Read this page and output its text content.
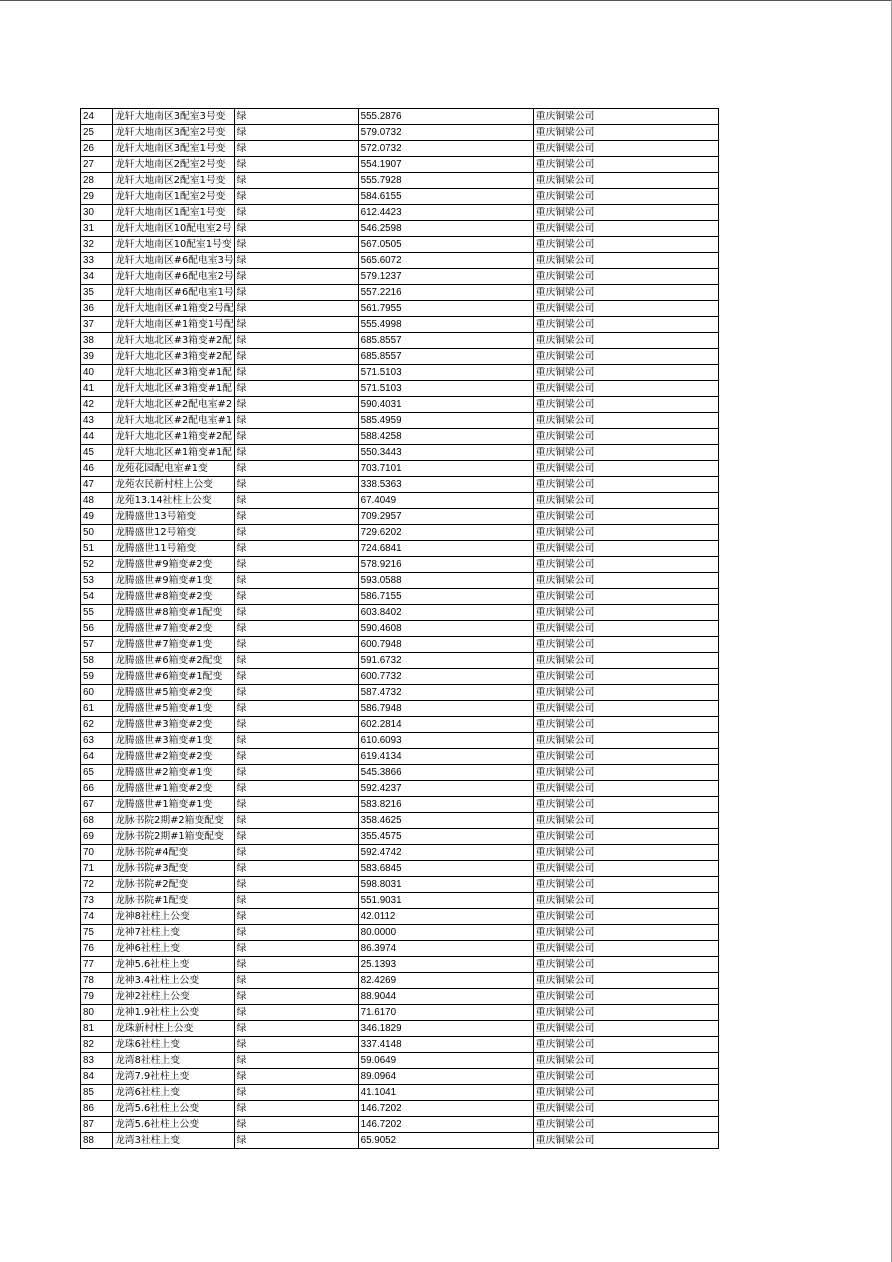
24	龙轩大地南区3配室3号变	绿	555.2876	重庆铜梁公司
25	龙轩大地南区3配室2号变	绿	579.0732	重庆铜梁公司
26	龙轩大地南区3配室1号变	绿	572.0732	重庆铜梁公司
27	龙轩大地南区2配室2号变	绿	554.1907	重庆铜梁公司
28	龙轩大地南区2配室1号变	绿	555.7928	重庆铜梁公司
29	龙轩大地南区1配室2号变	绿	584.6155	重庆铜梁公司
30	龙轩大地南区1配室1号变	绿	612.4423	重庆铜梁公司
31	龙轩大地南区10配电室2号	绿	546.2598	重庆铜梁公司
32	龙轩大地南区10配室1号变	绿	567.0505	重庆铜梁公司
33	龙轩大地南区#6配电室3号	绿	565.6072	重庆铜梁公司
34	龙轩大地南区#6配电室2号	绿	579.1237	重庆铜梁公司
35	龙轩大地南区#6配电室1号	绿	557.2216	重庆铜梁公司
36	龙轩大地南区#1箱变2号配	绿	561.7955	重庆铜梁公司
37	龙轩大地南区#1箱变1号配	绿	555.4998	重庆铜梁公司
38	龙轩大地北区#3箱变#2配	绿	685.8557	重庆铜梁公司
39	龙轩大地北区#3箱变#2配	绿	685.8557	重庆铜梁公司
40	龙轩大地北区#3箱变#1配	绿	571.5103	重庆铜梁公司
41	龙轩大地北区#3箱变#1配	绿	571.5103	重庆铜梁公司
42	龙轩大地北区#2配电室#2	绿	590.4031	重庆铜梁公司
43	龙轩大地北区#2配电室#1	绿	585.4959	重庆铜梁公司
44	龙轩大地北区#1箱变#2配	绿	588.4258	重庆铜梁公司
45	龙轩大地北区#1箱变#1配	绿	550.3443	重庆铜梁公司
46	龙苑花园配电室#1变	绿	703.7101	重庆铜梁公司
47	龙苑农民新村柱上公变	绿	338.5363	重庆铜梁公司
48	龙苑13.14社柱上公变	绿	67.4049	重庆铜梁公司
49	龙腾盛世13号箱变	绿	709.2957	重庆铜梁公司
50	龙腾盛世12号箱变	绿	729.6202	重庆铜梁公司
51	龙腾盛世11号箱变	绿	724.6841	重庆铜梁公司
52	龙腾盛世#9箱变#2变	绿	578.9216	重庆铜梁公司
53	龙腾盛世#9箱变#1变	绿	593.0588	重庆铜梁公司
54	龙腾盛世#8箱变#2变	绿	586.7155	重庆铜梁公司
55	龙腾盛世#8箱变#1配变	绿	603.8402	重庆铜梁公司
56	龙腾盛世#7箱变#2变	绿	590.4608	重庆铜梁公司
57	龙腾盛世#7箱变#1变	绿	600.7948	重庆铜梁公司
58	龙腾盛世#6箱变#2配变	绿	591.6732	重庆铜梁公司
59	龙腾盛世#6箱变#1配变	绿	600.7732	重庆铜梁公司
60	龙腾盛世#5箱变#2变	绿	587.4732	重庆铜梁公司
61	龙腾盛世#5箱变#1变	绿	586.7948	重庆铜梁公司
62	龙腾盛世#3箱变#2变	绿	602.2814	重庆铜梁公司
63	龙腾盛世#3箱变#1变	绿	610.6093	重庆铜梁公司
64	龙腾盛世#2箱变#2变	绿	619.4134	重庆铜梁公司
65	龙腾盛世#2箱变#1变	绿	545.3866	重庆铜梁公司
66	龙腾盛世#1箱变#2变	绿	592.4237	重庆铜梁公司
67	龙腾盛世#1箱变#1变	绿	583.8216	重庆铜梁公司
68	龙脉书院2期#2箱变配变	绿	358.4625	重庆铜梁公司
69	龙脉书院2期#1箱变配变	绿	355.4575	重庆铜梁公司
70	龙脉书院#4配变	绿	592.4742	重庆铜梁公司
71	龙脉书院#3配变	绿	583.6845	重庆铜梁公司
72	龙脉书院#2配变	绿	598.8031	重庆铜梁公司
73	龙脉书院#1配变	绿	551.9031	重庆铜梁公司
74	龙神8社柱上公变	绿	42.0112	重庆铜梁公司
75	龙神7社柱上变	绿	80.0000	重庆铜梁公司
76	龙神6社柱上变	绿	86.3974	重庆铜梁公司
77	龙神5.6社柱上变	绿	25.1393	重庆铜梁公司
78	龙神3.4社柱上公变	绿	82.4269	重庆铜梁公司
79	龙神2社柱上公变	绿	88.9044	重庆铜梁公司
80	龙神1.9社柱上公变	绿	71.6170	重庆铜梁公司
81	龙珠新村柱上公变	绿	346.1829	重庆铜梁公司
82	龙珠6社柱上变	绿	337.4148	重庆铜梁公司
83	龙湾8社柱上变	绿	59.0649	重庆铜梁公司
84	龙湾7.9社柱上变	绿	89.0964	重庆铜梁公司
85	龙湾6社柱上变	绿	41.1041	重庆铜梁公司
86	龙湾5.6社柱上公变	绿	146.7202	重庆铜梁公司
87	龙湾5.6社柱上公变	绿	146.7202	重庆铜梁公司
88	龙湾3社柱上变	绿	65.9052	重庆铜梁公司
